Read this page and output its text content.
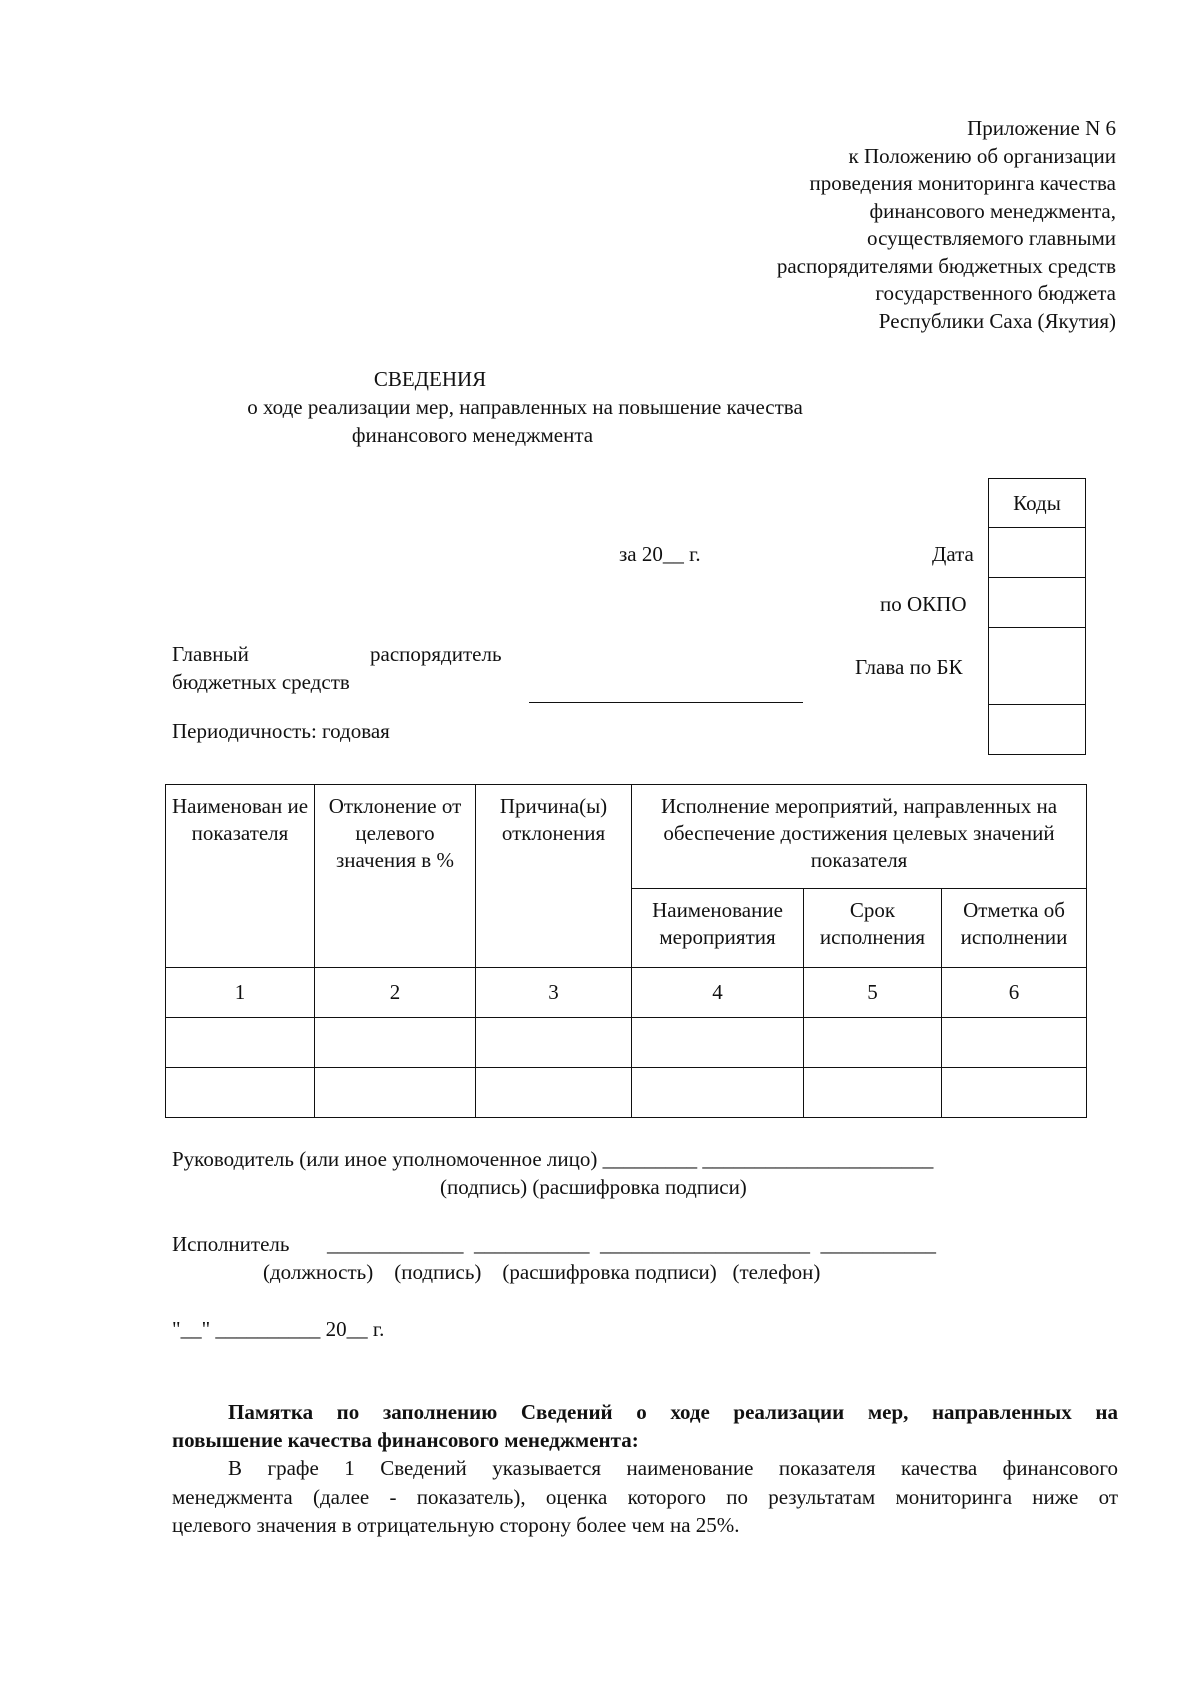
Приложение N 6
к Положению об организации
проведения мониторинга качества
финансового менеджмента,
осуществляемого главными
распорядителями бюджетных средств
государственного бюджета
Республики Саха (Якутия)
СВЕДЕНИЯ
о ходе реализации мер, направленных на повышение качества
финансового менеджмента
Коды

за 20__ г.	Дата
по ОКПО
Глава по БК
Главный	распорядитель
бюджетных средств
Периодичность: годовая
Наименован ие показателя	Отклонение от целевого значения в %	Причина(ы) отклонения	Исполнение мероприятий, направленных на обеспечение достижения целевых значений показателя		
			Наименование мероприятия	Срок исполнения	Отметка об исполнении
1	2	3	4	5	6

Руководитель (или иное уполномоченное лицо) _________ ______________________
(подпись) (расшифровка подписи)
Исполнитель _____________  ___________  ____________________  ___________
(должность)    (подпись)    (расшифровка подписи)   (телефон)
"__" __________ 20__ г.
Памятка по заполнению Сведений о ходе реализации мер, направленных на
повышение качества финансового менеджмента:
В графе 1 Сведений указывается наименование показателя качества финансового
менеджмента (далее - показатель), оценка которого по результатам мониторинга ниже от
целевого значения в отрицательную сторону более чем на 25%.
